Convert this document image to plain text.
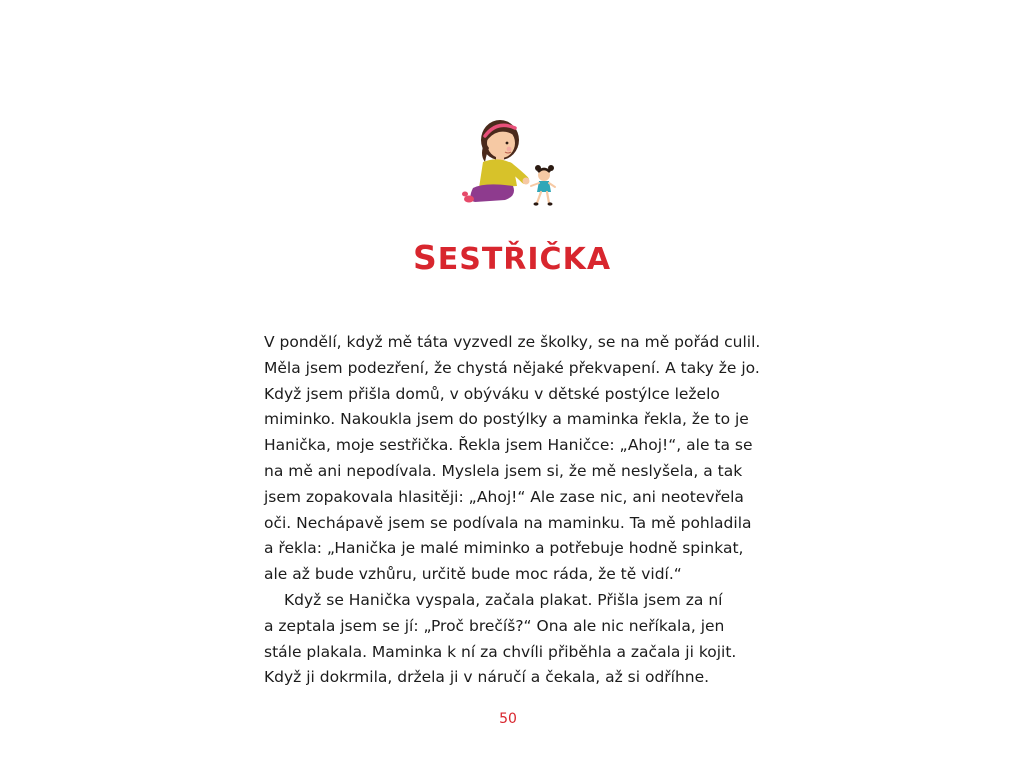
SESTŘIČKA
V pondělí, když mě táta vyzvedl ze školky, se na mě pořád culil.
Měla jsem podezření, že chystá nějaké překvapení. A taky že jo.
Když jsem přišla domů, v obýváku v dětské postýlce leželo
miminko. Nakoukla jsem do postýlky a maminka řekla, že to je
Hanička, moje sestřička. Řekla jsem Haničce: „Ahoj!“, ale ta se
na mě ani nepodívala. Myslela jsem si, že mě neslyšela, a tak
jsem zopakovala hlasitěji: „Ahoj!“ Ale zase nic, ani neotevřela
oči. Nechápavě jsem se podívala na maminku. Ta mě pohladila
a řekla: „Hanička je malé miminko a potřebuje hodně spinkat,
ale až bude vzhůru, určitě bude moc ráda, že tě vidí.“
Když se Hanička vyspala, začala plakat. Přišla jsem za ní
a zeptala jsem se jí: „Proč brečíš?“ Ona ale nic neříkala, jen
stále plakala. Maminka k ní za chvíli přiběhla a začala ji kojit.
Když ji dokrmila, držela ji v náručí a čekala, až si odříhne.
50
